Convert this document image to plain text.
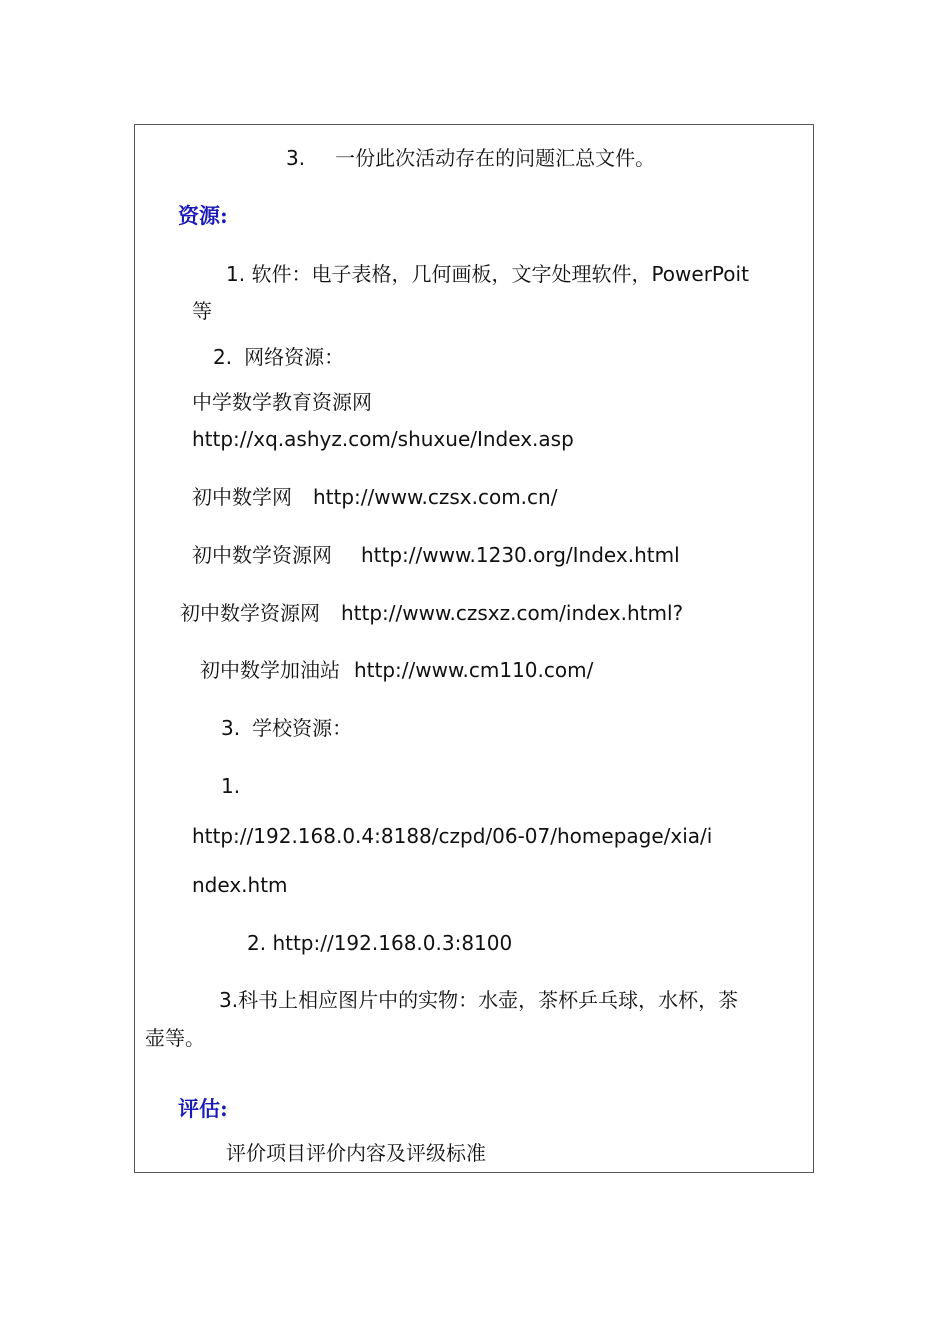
3. 一份此次活动存在的问题汇总文件。
资源:
1. 软件：电子表格，几何画板，文字处理软件，PowerPoit
等
2. 网络资源：
中学数学教育资源网
http://xq.ashyz.com/shuxue/Index.asp
初中数学网 http://www.czsx.com.cn/
初中数学资源网 http://www.1230.org/Index.html
初中数学资源网 http://www.czsxz.com/index.html?
初中数学加油站 http://www.cm110.com/
3. 学校资源：
1.
http://192.168.0.4:8188/czpd/06-07/homepage/xia/i
ndex.htm
2. http://192.168.0.3:8100
3.科书上相应图片中的实物：水壶，茶杯乒乓球，水杯，茶
壶等。
评估:
评价项目评价内容及评级标准
